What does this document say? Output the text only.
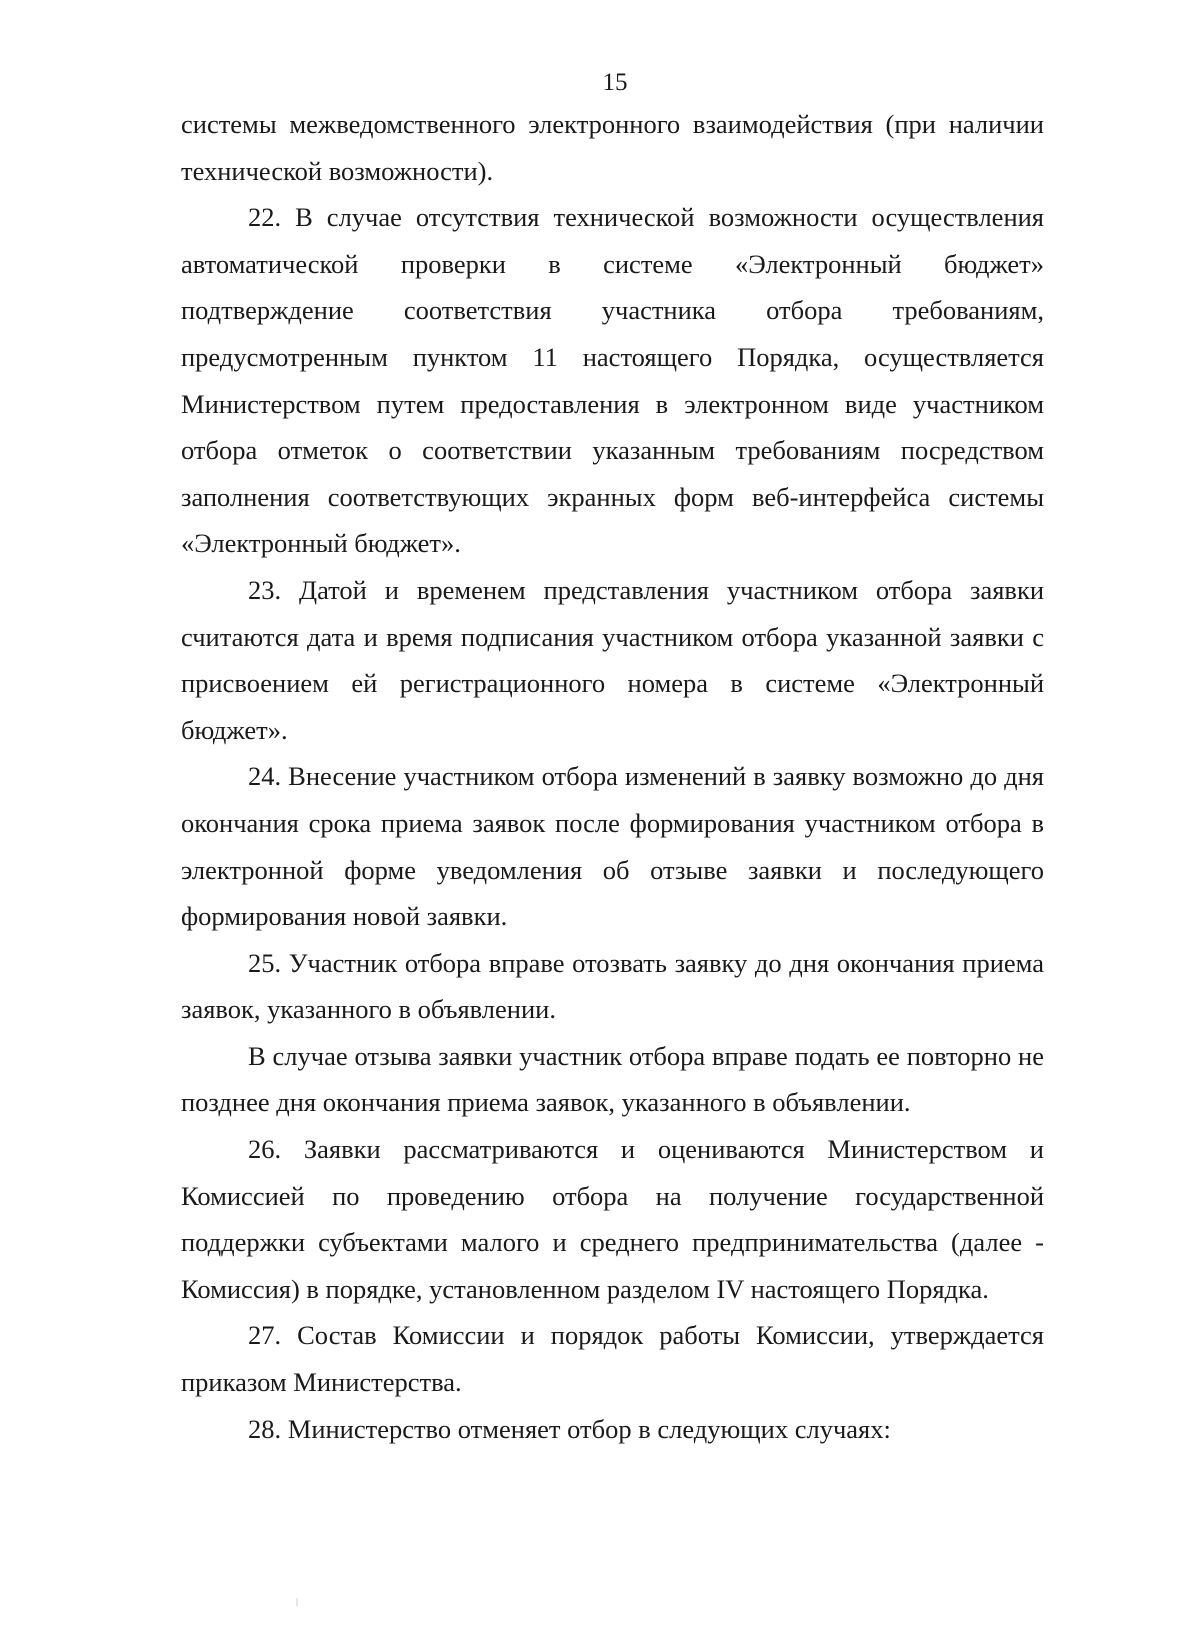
15

системы межведомственного электронного взаимодействия (при наличии технической возможности).

22. В случае отсутствия технической возможности осуществления автоматической проверки в системе «Электронный бюджет» подтверждение соответствия участника отбора требованиям, предусмотренным пунктом 11 настоящего Порядка, осуществляется Министерством путем предоставления в электронном виде участником отбора отметок о соответствии указанным требованиям посредством заполнения соответствующих экранных форм веб-интерфейса системы «Электронный бюджет».

23. Датой и временем представления участником отбора заявки считаются дата и время подписания участником отбора указанной заявки с присвоением ей регистрационного номера в системе «Электронный бюджет».

24. Внесение участником отбора изменений в заявку возможно до дня окончания срока приема заявок после формирования участником отбора в электронной форме уведомления об отзыве заявки и последующего формирования новой заявки.

25. Участник отбора вправе отозвать заявку до дня окончания приема заявок, указанного в объявлении.

В случае отзыва заявки участник отбора вправе подать ее повторно не позднее дня окончания приема заявок, указанного в объявлении.

26. Заявки рассматриваются и оцениваются Министерством и Комиссией по проведению отбора на получение государственной поддержки субъектами малого и среднего предпринимательства (далее - Комиссия) в порядке, установленном разделом IV настоящего Порядка.

27. Состав Комиссии и порядок работы Комиссии, утверждается приказом Министерства.

28. Министерство отменяет отбор в следующих случаях:
